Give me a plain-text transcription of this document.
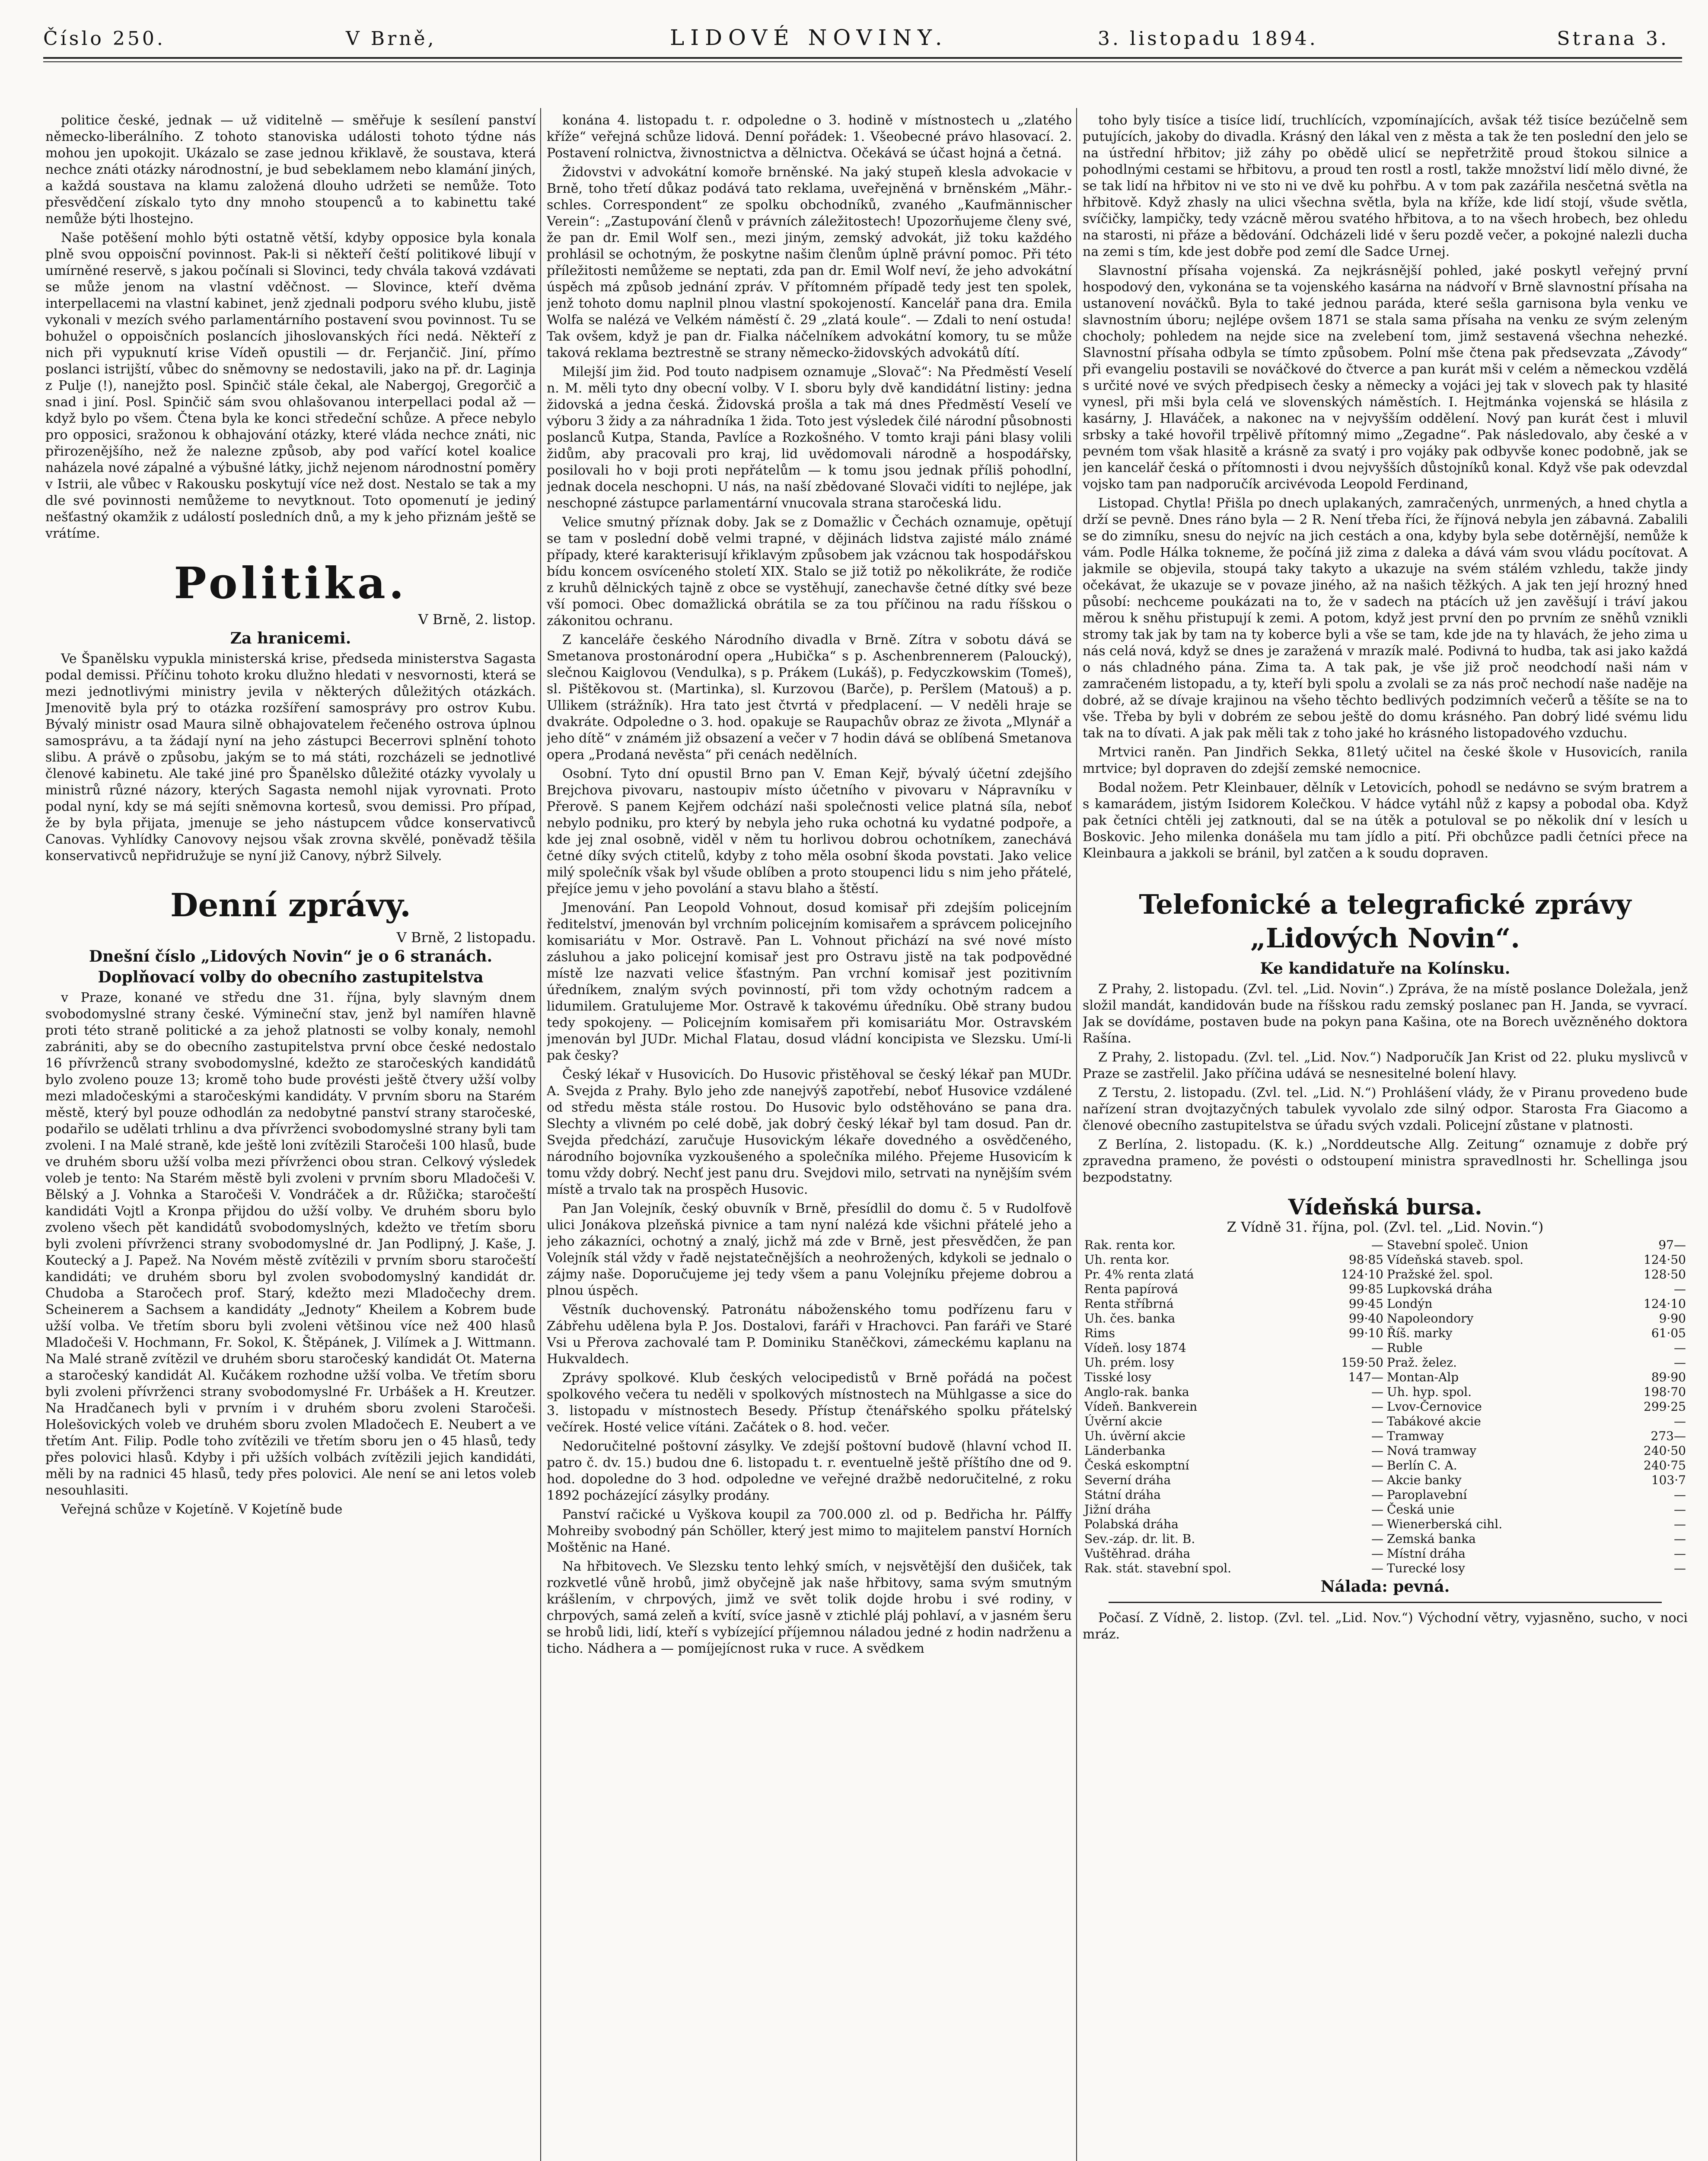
Číslo 250.	V Brně,	LIDOVÉ NOVINY.	3. listopadu 1894.	Strana 3.

politice české, jednak — už viditelně — směřuje k sesílení panství německo-liberálního. Z tohoto stanoviska události tohoto týdne nás mohou jen upokojit. Ukázalo se zase jednou křiklavě, že soustava, která nechce znáti otázky národnostní, je bud sebeklamem nebo klamání jiných, a každá soustava na klamu založená dlouho udržeti se nemůže. Toto přesvědčení získalo tyto dny mnoho stoupenců a to kabinettu také nemůže býti lhostejno.

Naše potěšení mohlo býti ostatně větší, kdyby opposice byla konala plně svou oppoisční povinnost. Pak-li si někteří čeští politikové libují v umírněné reservě, s jakou počínali si Slovinci, tedy chvála taková vzdávati se může jenom na vlastní vděčnost. — Slovince, kteří dvěma interpellacemi na vlastní kabinet, jenž zjednali podporu svého klubu, jistě vykonali v mezích svého parlamentárního postavení svou povinnost. Tu se bohužel o oppoisčních poslancích jihoslovanských říci nedá. Někteří z nich při vypuknutí krise Vídeň opustili — dr. Ferjančič. Jiní, přímo poslanci istrijští, vůbec do sněmovny se nedostavili, jako na př. dr. Laginja z Pulje (!), nanejžto posl. Spinčič stále čekal, ale Nabergoj, Gregorčič a snad i jiní. Posl. Spinčič sám svou ohlašovanou interpellaci podal až — když bylo po všem. Čtena byla ke konci středeční schůze. A přece nebylo pro opposici, sražonou k obhajování otázky, které vláda nechce znáti, nic přirozenějšího, než že nalezne způsob, aby pod vařící kotel koalice naházela nové zápalné a výbušné látky, jichž nejenom národnostní poměry v Istrii, ale vůbec v Rakousku poskytují více než dost. Nestalo se tak a my dle své povinnosti nemůžeme to nevytknout. Toto opomenutí je jediný nešťastný okamžik z událostí posledních dnů, a my k jeho přiznám ještě se vrátíme.

Politika.
V Brně, 2. listop.
Za hranicemi.

Ve Španělsku vypukla ministerská krise, předseda ministerstva Sagasta podal demissi. Příčinu tohoto kroku dlužno hledati v nesvornosti, která se mezi jednotlivými ministry jevila v některých důležitých otázkách. Jmenovitě byla prý to otázka rozšíření samosprávy pro ostrov Kubu. Bývalý ministr osad Maura silně obhajovatelem řečeného ostrova úplnou samosprávu, a ta žádají nyní na jeho zástupci Becerrovi splnění tohoto slibu. A právě o způsobu, jakým se to má státi, rozcházeli se jednotlivé členové kabinetu. Ale také jiné pro Španělsko důležité otázky vyvolaly u ministrů různé názory, kterých Sagasta nemohl nijak vyrovnati. Proto podal nyní, kdy se má sejíti sněmovna kortesů, svou demissi. Pro případ, že by byla přijata, jmenuje se jeho nástupcem vůdce konservativců Canovas. Vyhlídky Canovovy nejsou však zrovna skvělé, poněvadž těšila konservativců nepřidružuje se nyní již Canovy, nýbrž Silvely.

Denní zprávy.
V Brně, 2 listopadu.
Dnešní číslo „Lidových Novin“ je o 6 stranách.
Doplňovací volby do obecního zastupitelstva

v Praze, konané ve středu dne 31. října, byly slavným dnem svobodomyslné strany české. Výmineční stav, jenž byl namířen hlavně proti této straně politické a za jehož platnosti se volby konaly, nemohl zabrániti, aby se do obecního zastupitelstva první obce české nedostalo 16 přívrženců strany svobodomyslné, kdežto ze staročeských kandidátů bylo zvoleno pouze 13; kromě toho bude provésti ještě čtvery užší volby mezi mladočeskými a staročeskými kandidáty. V prvním sboru na Starém městě, který byl pouze odhodlán za nedobytné panství strany staročeské, podařilo se udělati trhlinu a dva přívrženci svobodomyslné strany byli tam zvoleni. I na Malé straně, kde ještě loni zvítězili Staročeši 100 hlasů, bude ve druhém sboru užší volba mezi přívrženci obou stran. Celkový výsledek voleb je tento: Na Starém městě byli zvoleni v prvním sboru Mladočeši V. Bělský a J. Vohnka a Staročeši V. Vondráček a dr. Růžička; staročeští kandidáti Vojtl a Kronpa přijdou do užší volby. Ve druhém sboru bylo zvoleno všech pět kandidátů svobodomyslných, kdežto ve třetím sboru byli zvoleni přívrženci strany svobodomyslné dr. Jan Podlipný, J. Kaše, J. Koutecký a J. Papež. Na Novém městě zvítězili v prvním sboru staročeští kandidáti; ve druhém sboru byl zvolen svobodomyslný kandidát dr. Chudoba a Staročech prof. Starý, kdežto mezi Mladočechy drem. Scheinerem a Sachsem a kandidáty „Jednoty“ Kheilem a Kobrem bude užší volba. Ve třetím sboru byli zvoleni většinou více než 400 hlasů Mladočeši V. Hochmann, Fr. Sokol, K. Štěpánek, J. Vilímek a J. Wittmann. Na Malé straně zvítězil ve druhém sboru staročeský kandidát Ot. Materna a staročeský kandidát Al. Kučákem rozhodne užší volba. Ve třetím sboru byli zvoleni přívrženci strany svobodomyslné Fr. Urbášek a H. Kreutzer. Na Hradčanech byli v prvním i v druhém sboru zvoleni Staročeši. Holešovických voleb ve druhém sboru zvolen Mladočech E. Neubert a ve třetím Ant. Filip. Podle toho zvítězili ve třetím sboru jen o 45 hlasů, tedy přes polovici hlasů. Kdyby i při užších volbách zvítězili jejich kandidáti, měli by na radnici 45 hlasů, tedy přes polovici. Ale není se ani letos voleb nesouhlasiti.

Veřejná schůze v Kojetíně. V Kojetíně bude

konána 4. listopadu t. r. odpoledne o 3. hodině v místnostech u „zlatého kříže“ veřejná schůze lidová. Denní pořádek: 1. Všeobecné právo hlasovací. 2. Postavení rolnictva, živnostnictva a dělnictva. Očekává se účast hojná a četná.

Židovstvi v advokátní komoře brněnské. Na jaký stupeň klesla advokacie v Brně, toho třetí důkaz podává tato reklama, uveřejněná v brněnském „Mähr.-schles. Correspondent“ ze spolku obchodníků, zvaného „Kaufmännischer Verein“: „Zastupování členů v právních záležitostech! Upozorňujeme členy své, že pan dr. Emil Wolf sen., mezi jiným, zemský advokát, již toku každého prohlásil se ochotným, že poskytne našim členům úplně právní pomoc. Při této příležitosti nemůžeme se neptati, zda pan dr. Emil Wolf neví, že jeho advokátní úspěch má způsob jednání zpráv. V přítomném případě tedy jest ten spolek, jenž tohoto domu naplnil plnou vlastní spokojeností. Kancelář pana dra. Emila Wolfa se nalézá ve Velkém náměstí č. 29 „zlatá koule“. — Zdali to není ostuda! Tak ovšem, když je pan dr. Fialka náčelníkem advokátní komory, tu se může taková reklama beztrestně se strany německo-židovských advokátů dítí.

Milejší jim žid. Pod touto nadpisem oznamuje „Slovač“: Na Předměstí Veselí n. M. měli tyto dny obecní volby. V I. sboru byly dvě kandidátní listiny: jedna židovská a jedna česká. Židovská prošla a tak má dnes Předměstí Veselí ve výboru 3 židy a za náhradníka 1 žida. Toto jest výsledek čilé národní působnosti poslanců Kutpa, Standa, Pavlíce a Rozkošného. V tomto kraji páni blasy volili židům, aby pracovali pro kraj, lid uvědomovali národně a hospodářsky, posilovali ho v boji proti nepřátelům — k tomu jsou jednak příliš pohodlní, jednak docela neschopni. U nás, na naší zbědované Slovači vidíti to nejlépe, jak neschopné zástupce parlamentární vnucovala strana staročeská lidu.

Velice smutný příznak doby. Jak se z Domažlic v Čechách oznamuje, opětují se tam v poslední době velmi trapné, v dějinách lidstva zajisté málo známé případy, které karakterisují křiklavým způsobem jak vzácnou tak hospodářskou bídu koncem osvíceného století XIX. Stalo se již totiž po několikráte, že rodiče z kruhů dělnických tajně z obce se vystěhují, zanechavše četné dítky své beze vší pomoci. Obec domažlická obrátila se za tou příčinou na radu říšskou o zákonitou ochranu.

Z kanceláře českého Národního divadla v Brně. Zítra v sobotu dává se Smetanova prostonárodní opera „Hubička“ s p. Aschenbrennerem (Paloucký), slečnou Kaiglovou (Vendulka), s p. Prákem (Lukáš), p. Fedyczkowskim (Tomeš), sl. Pištěkovou st. (Martinka), sl. Kurzovou (Barče), p. Peršlem (Matouš) a p. Ullikem (strážník). Hra tato jest čtvrtá v předplacení. — V neděli hraje se dvakráte. Odpoledne o 3. hod. opakuje se Raupachův obraz ze života „Mlynář a jeho dítě“ v známém již obsazení a večer v 7 hodin dává se oblíbená Smetanova opera „Prodaná nevěsta“ při cenách nedělních.

Osobní. Tyto dní opustil Brno pan V. Eman Kejř, bývalý účetní zdejšího Brejchova pivovaru, nastoupiv místo účetního v pivovaru v Nápravníku v Přerově. S panem Kejřem odchází naši společnosti velice platná síla, neboť nebylo podniku, pro který by nebyla jeho ruka ochotná ku vydatné podpoře, a kde jej znal osobně, viděl v něm tu horlivou dobrou ochotníkem, zanechává četné díky svých ctitelů, kdyby z toho měla osobní škoda povstati. Jako velice milý společník však byl všude oblíben a proto stoupenci lidu s nim jeho přátelé, přejíce jemu v jeho povolání a stavu blaho a štěstí.

Jmenování. Pan Leopold Vohnout, dosud komisař při zdejším policejním ředitelství, jmenován byl vrchním policejním komisařem a správcem policejního komisariátu v Mor. Ostravě. Pan L. Vohnout přichází na své nové místo zásluhou a jako policejní komisař jest pro Ostravu jistě na tak podpovědné místě lze nazvati velice šťastným. Pan vrchní komisař jest pozitivním úředníkem, znalým svých povinností, při tom vždy ochotným radcem a lidumilem. Gratulujeme Mor. Ostravě k takovému úředníku. Obě strany budou tedy spokojeny. — Policejním komisařem při komisariátu Mor. Ostravském jmenován byl JUDr. Michal Flatau, dosud vládní koncipista ve Slezsku. Umí-li pak česky?

Český lékař v Husovicích. Do Husovic přistěhoval se český lékař pan MUDr. A. Svejda z Prahy. Bylo jeho zde nanejvýš zapotřebí, neboť Husovice vzdálené od středu města stále rostou. Do Husovic bylo odstěhováno se pana dra. Slechty a vlivném po celé době, jak dobrý český lékař byl tam dosud. Pan dr. Svejda předchází, zaručuje Husovickým lékaře dovedného a osvědčeného, národního bojovníka vyzkoušeného a společníka milého. Přejeme Husovicím k tomu vždy dobrý. Nechť jest panu dru. Svejdovi milo, setrvati na nynějším svém místě a trvalo tak na prospěch Husovic.

Pan Jan Volejník, český obuvník v Brně, přesídlil do domu č. 5 v Rudolfově ulici Jonákova plzeňská pivnice a tam nyní nalézá kde všichni přátelé jeho a jeho zákazníci, ochotný a znalý, jichž má zde v Brně, jest přesvědčen, že pan Volejník stál vždy v řadě nejstatečnějších a neohrožených, kdykoli se jednalo o zájmy naše. Doporučujeme jej tedy všem a panu Volejníku přejeme dobrou a plnou úspěch.

Věstník duchovenský. Patronátu náboženského tomu podřízenu faru v Zábřehu udělena byla P. Jos. Dostalovi, faráři v Hrachovci. Pan faráři ve Staré Vsi u Přerova zachovalé tam P. Dominiku Staněčkovi, zámeckému kaplanu na Hukvaldech.

Zprávy spolkové. Klub českých velocipedistů v Brně pořádá na počest spolkového večera tu neděli v spolkových místnostech na Mühlgasse a sice do 3. listopadu v místnostech Besedy. Přístup čtenářského spolku přátelský večírek. Hosté velice vítáni. Začátek o 8. hod. večer.

Nedoručitelné poštovní zásylky. Ve zdejší poštovní budově (hlavní vchod II. patro č. dv. 15.) budou dne 6. listopadu t. r. eventuelně ještě příštího dne od 9. hod. dopoledne do 3 hod. odpoledne ve veřejné dražbě nedoručitelné, z roku 1892 pocházející zásylky prodány.

Panství račické u Vyškova koupil za 700.000 zl. od p. Bedřicha hr. Pálffy Mohreiby svobodný pán Schöller, který jest mimo to majitelem panství Horních Moštěnic na Hané.

Na hřbitovech. Ve Slezsku tento lehký smích, v nejsvětější den dušiček, tak rozkvetlé vůně hrobů, jimž obyčejně jak naše hřbitovy, sama svým smutným krášlením, v chrpových, jimž ve svět tolik dojde hrobu i své rodiny, v chrpových, samá zeleň a kvítí, svíce jasně v ztichlé pláj pohlaví, a v jasném šeru se hrobů lidi, lidí, kteří s vybízející příjemnou náladou jedné z hodin nadrženu a ticho. Nádhera a — pomíjejícnost ruka v ruce. A svědkem

toho byly tisíce a tisíce lidí, truchlících, vzpomínajících, avšak též tisíce bezúčelně sem putujících, jakoby do divadla. Krásný den lákal ven z města a tak že ten poslední den jelo se na ústřední hřbitov; již záhy po obědě ulicí se nepřetržitě proud štokou silnice a pohodlnými cestami se hřbitovu, a proud ten rostl a rostl, takže množství lidí mělo divné, že se tak lidí na hřbitov ni ve sto ni ve dvě ku pohřbu. A v tom pak zazářila nesčetná světla na hřbitově. Když zhasly na ulici všechna světla, byla na kříže, kde lidí stojí, všude světla, svíčičky, lampičky, tedy vzácně měrou svatého hřbitova, a to na všech hrobech, bez ohledu na starosti, ni přáze a bědování. Odcházeli lidé v šeru pozdě večer, a pokojné nalezli ducha na zemi s tím, kde jest dobře pod zemí dle Sadce Urnej.

Slavnostní přísaha vojenská. Za nejkrásnější pohled, jaké poskytl veřejný první hospodový den, vykonána se ta vojenského kasárna na nádvoří v Brně slavnostní přísaha na ustanovení nováčků. Byla to také jednou paráda, které sešla garnisona byla venku ve slavnostním úboru; nejlépe ovšem 1871 se stala sama přísaha na venku ze svým zeleným chocholy; pohledem na nejde sice na zvelebení tom, jimž sestavená všechna nehezké. Slavnostní přísaha odbyla se tímto způsobem. Polní mše čtena pak předsevzata „Závody“ při evangeliu postavili se nováčkové do čtverce a pan kurát mši v celém a německou vzdělá s určité nové ve svých předpisech česky a německy a vojáci jej tak v slovech pak ty hlasité vynesl, při mši byla celá ve slovenských náměstích. I. Hejtmánka vojenská se hlásila z kasárny, J. Hlaváček, a nakonec na v nejvyšším oddělení. Nový pan kurát čest i mluvil srbsky a také hovořil trpělivě přítomný mimo „Zegadne“. Pak následovalo, aby české a v pevném tom však hlasitě a krásně za svatý i pro vojáky pak odbyvše konec podobně, jak se jen kancelář česká o přítomnosti i dvou nejvyšších důstojníků konal. Když vše pak odevzdal vojsko tam pan nadporučík arcivévoda Leopold Ferdinand,

Listopad. Chytla! Přišla po dnech uplakaných, zamračených, unrmených, a hned chytla a drží se pevně. Dnes ráno byla — 2 R. Není třeba říci, že říjnová nebyla jen zábavná. Zabalili se do zimníku, snesu do nejvíc na jich cestách a ona, kdyby byla sebe dotěrnější, nemůže k vám. Podle Hálka tokneme, že počíná již zima z daleka a dává vám svou vládu pocítovat. A jakmile se objevila, stoupá taky takyto a ukazuje na svém stálém vzhledu, takže jindy očekávat, že ukazuje se v povaze jiného, až na našich těžkých. A jak ten její hrozný hned působí: nechceme poukázati na to, že v sadech na ptácích už jen zavěšují i tráví jakou měrou k sněhu přistupují k zemi. A potom, když jest první den po prvním ze sněhů vznikli stromy tak jak by tam na ty koberce byli a vše se tam, kde jde na ty hlavách, že jeho zima u nás celá nová, když se dnes je zaražená v mrazík malé. Podivná to hudba, tak asi jako každá o nás chladného pána. Zima ta. A tak pak, je vše již proč neodchodí naši nám v zamračeném listopadu, a ty, kteří byli spolu a zvolali se za nás proč nechodí naše naděje na dobré, až se dívaje krajinou na všeho těchto bedlivých podzimních večerů a těšíte se na to vše. Třeba by byli v dobrém ze sebou ještě do domu krásného. Pan dobrý lidé svému lidu tak na to dívati. A jak pak měli tak z toho jaké ho krásného listopadového vzduchu.

Mrtvici raněn. Pan Jindřich Sekka, 81letý učitel na české škole v Husovicích, ranila mrtvice; byl dopraven do zdejší zemské nemocnice.

Bodal nožem. Petr Kleinbauer, dělník v Letovicích, pohodl se nedávno se svým bratrem a s kamarádem, jistým Isidorem Kolečkou. V hádce vytáhl nůž z kapsy a pobodal oba. Když pak četníci chtěli jej zatknouti, dal se na útěk a potuloval se po několik dní v lesích u Boskovic. Jeho milenka donášela mu tam jídlo a pití. Při obchůzce padli četníci přece na Kleinbaura a jakkoli se bránil, byl zatčen a k soudu dopraven.

Telefonické a telegrafické zprávy „Lidových Novin“.
Ke kandidatuře na Kolínsku.

Z Prahy, 2. listopadu. (Zvl. tel. „Lid. Novin“.) Zpráva, že na místě poslance Doležala, jenž složil mandát, kandidován bude na říšskou radu zemský poslanec pan H. Janda, se vyvrací. Jak se dovídáme, postaven bude na pokyn pana Kašina, ote na Borech uvězněného doktora Rašína.

Z Prahy, 2. listopadu. (Zvl. tel. „Lid. Nov.“) Nadporučík Jan Krist od 22. pluku myslivců v Praze se zastřelil. Jako příčina udává se nesnesitelné bolení hlavy.

Z Terstu, 2. listopadu. (Zvl. tel. „Lid. N.“) Prohlášení vlády, že v Piranu provedeno bude nařízení stran dvojtazyčných tabulek vyvolalo zde silný odpor. Starosta Fra Giacomo a členové obecního zastupitelstva se úřadu svých vzdali. Policejní zůstane v platnosti.

Z Berlína, 2. listopadu. (K. k.) „Norddeutsche Allg. Zeitung“ oznamuje z dobře prý zpravedna prameno, že povésti o odstoupení ministra spravedlnosti hr. Schellinga jsou bezpodstatny.

Vídeňská bursa.
Z Vídně 31. října, pol. (Zvl. tel. „Lid. Novin.“)
Rak. renta kor.	—	Stavební společ. Union	97—
Uh. renta kor.	98·85	Vídeňská staveb. spol.	124·50
Pr. 4% renta zlatá	124·10	Pražské žel. spol.	128·50
Renta papírová	99·85	Lupkovská dráha	—
Renta stříbrná	99·45	Londýn	124·10
Uh. čes. banka	99·40	Napoleondory	9·90
Rims	99·10	Říš. marky	61·05
Vídeň. losy 1874	—	Ruble	—
Uh. prém. losy	159·50	Praž. želez.	—
Tisské losy	147—	Montan-Alp	89·90
Anglo-rak. banka	—	Uh. hyp. spol.	198·70
Vídeň. Bankverein	—	Lvov-Černovice	299·25
Úvěrní akcie	—	Tabákové akcie	—
Uh. úvěrní akcie	—	Tramway	273—
Länderbanka	—	Nová tramway	240·50
Česká eskomptní	—	Berlín C. A.	240·75
Severní dráha	—	Akcie banky	103·7
Státní dráha	—	Paroplavební	—
Jižní dráha	—	Česká unie	—
Polabská dráha	—	Wienerberská cihl.	—
Sev.-záp. dr. lit. B.	—	Zemská banka	—
Vuštěhrad. dráha	—	Místní dráha	—
Rak. stát. stavební spol.	—	Turecké losy	—
Nálada: pevná.

Počasí. Z Vídně, 2. listop. (Zvl. tel. „Lid. Nov.“) Východní větry, vyjasněno, sucho, v noci mráz.
